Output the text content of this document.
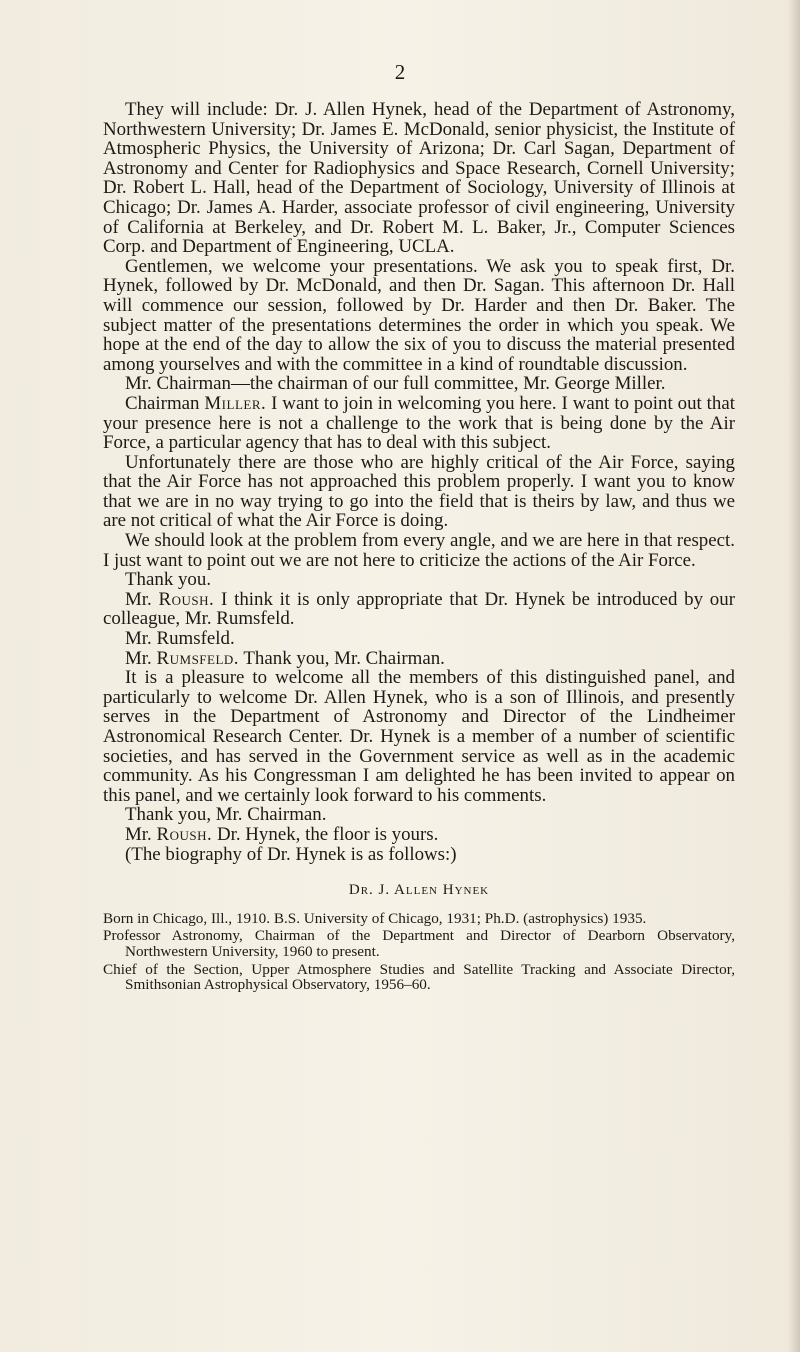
2

They will include: Dr. J. Allen Hynek, head of the Department of Astronomy, Northwestern University; Dr. James E. McDonald, senior physicist, the Institute of Atmospheric Physics, the University of Arizona; Dr. Carl Sagan, Department of Astronomy and Center for Radiophysics and Space Research, Cornell University; Dr. Robert L. Hall, head of the Department of Sociology, University of Illinois at Chicago; Dr. James A. Harder, associate professor of civil engineering, University of California at Berkeley, and Dr. Robert M. L. Baker, Jr., Computer Sciences Corp. and Department of Engineering, UCLA.

Gentlemen, we welcome your presentations. We ask you to speak first, Dr. Hynek, followed by Dr. McDonald, and then Dr. Sagan. This afternoon Dr. Hall will commence our session, followed by Dr. Harder and then Dr. Baker. The subject matter of the presentations determines the order in which you speak. We hope at the end of the day to allow the six of you to discuss the material presented among yourselves and with the committee in a kind of roundtable discussion.

Mr. Chairman—the chairman of our full committee, Mr. George Miller.

Chairman Miller. I want to join in welcoming you here. I want to point out that your presence here is not a challenge to the work that is being done by the Air Force, a particular agency that has to deal with this subject.

Unfortunately there are those who are highly critical of the Air Force, saying that the Air Force has not approached this problem properly. I want you to know that we are in no way trying to go into the field that is theirs by law, and thus we are not critical of what the Air Force is doing.

We should look at the problem from every angle, and we are here in that respect. I just want to point out we are not here to criticize the actions of the Air Force.

Thank you.

Mr. Roush. I think it is only appropriate that Dr. Hynek be introduced by our colleague, Mr. Rumsfeld.

Mr. Rumsfeld.

Mr. Rumsfeld. Thank you, Mr. Chairman.

It is a pleasure to welcome all the members of this distinguished panel, and particularly to welcome Dr. Allen Hynek, who is a son of Illinois, and presently serves in the Department of Astronomy and Director of the Lindheimer Astronomical Research Center. Dr. Hynek is a member of a number of scientific societies, and has served in the Government service as well as in the academic community. As his Congressman I am delighted he has been invited to appear on this panel, and we certainly look forward to his comments.

Thank you, Mr. Chairman.

Mr. Roush. Dr. Hynek, the floor is yours.

(The biography of Dr. Hynek is as follows:)

Dr. J. Allen Hynek

Born in Chicago, Ill., 1910. B.S. University of Chicago, 1931; Ph.D. (astrophysics) 1935.

Professor Astronomy, Chairman of the Department and Director of Dearborn Observatory, Northwestern University, 1960 to present.

Chief of the Section, Upper Atmosphere Studies and Satellite Tracking and Associate Director, Smithsonian Astrophysical Observatory, 1956–60.
